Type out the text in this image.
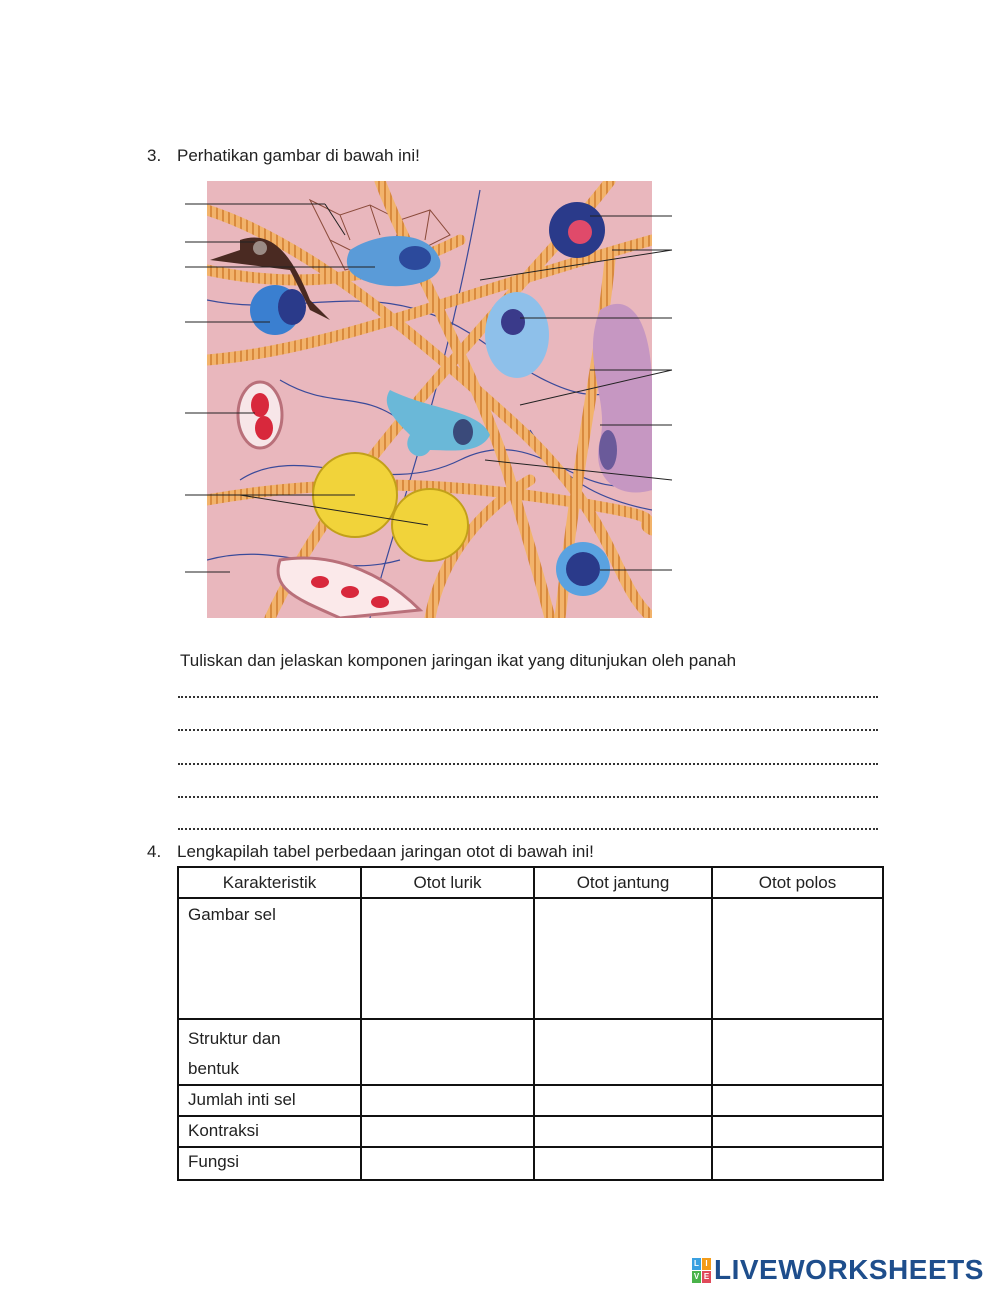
3. Perhatikan gambar di bawah ini!
Tuliskan dan jelaskan komponen jaringan ikat yang ditunjukan oleh panah
4. Lengkapilah tabel perbedaan jaringan otot di bawah ini!
Karakteristik	Otot lurik	Otot jantung	Otot polos
Gambar sel			
Struktur dan bentuk			
Jumlah inti sel			
Kontraksi			
Fungsi			
L I
V E LIVEWORKSHEETS
